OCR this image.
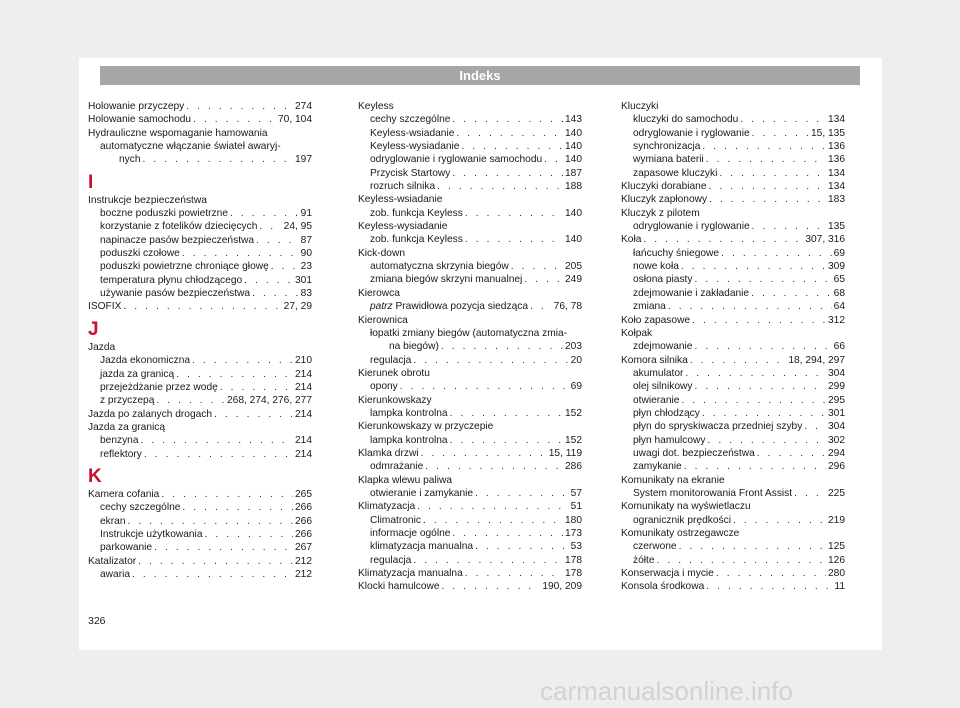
Indeks
Holowanie przyczepy . . .	274
Holowanie samochodu . . .	70, 104
Hydrauliczne wspomaganie hamowania
automatyczne włączanie świateł awaryj-
nych . . .	197
I
Instrukcje bezpieczeństwa
boczne poduszki powietrzne . . .	91
korzystanie z fotelików dziecięcych . . .	24, 95
napinacze pasów bezpieczeństwa . . .	87
poduszki czołowe . . .	90
poduszki powietrzne chroniące głowę . . .	23
temperatura płynu chłodzącego . . .	301
używanie pasów bezpieczeństwa . . .	83
ISOFIX . . .	27, 29
J
Jazda
Jazda ekonomiczna . . .	210
jazda za granicą . . .	214
przejeżdżanie przez wodę . . .	214
z przyczepą . . .	268, 274, 276, 277
Jazda po zalanych drogach . . .	214
Jazda za granicą
benzyna . . .	214
reflektory . . .	214
K
Kamera cofania . . .	265
cechy szczególne . . .	266
ekran . . .	266
Instrukcje użytkowania . . .	266
parkowanie . . .	267
Katalizator . . .	212
awaria . . .	212
Keyless
cechy szczególne . . .	143
Keyless-wsiadanie . . .	140
Keyless-wysiadanie . . .	140
odryglowanie i ryglowanie samochodu . . . 140
Przycisk Startowy . . .	187
rozruch silnika . . .	188
Keyless-wsiadanie
zob. funkcja Keyless . . .	140
Keyless-wysiadanie
zob. funkcja Keyless . . .	140
Kick-down
automatyczna skrzynia biegów . . .	205
zmiana biegów skrzyni manualnej . . .	249
Kierowca
patrz Prawidłowa pozycja siedząca . . .	76, 78
Kierownica
łopatki zmiany biegów (automatyczna zmia-
na biegów) . . .	203
regulacja . . .	20
Kierunek obrotu
opony . . .	69
Kierunkowskazy
lampka kontrolna . . .	152
Kierunkowskazy w przyczepie
lampka kontrolna . . .	152
Klamka drzwi . . .	15, 119
odmrażanie . . .	286
Klapka wlewu paliwa
otwieranie i zamykanie . . .	57
Klimatyzacja . . .	51
Climatronic . . .	180
informacje ogólne . . .	173
klimatyzacja manualna . . .	53
regulacja . . .	178
Klimatyzacja manualna . . .	178
Klocki hamulcowe . . .	190, 209
Kluczyki
kluczyki do samochodu . . .	134
odryglowanie i ryglowanie . . .	15, 135
synchronizacja . . .	136
wymiana baterii . . .	136
zapasowe kluczyki . . .	134
Kluczyki dorabiane . . .	134
Kluczyk zapłonowy . . .	183
Kluczyk z pilotem
odryglowanie i ryglowanie . . .	135
Koła . . .	307, 316
łańcuchy śniegowe . . .	69
nowe koła . . .	309
osłona piasty . . .	65
zdejmowanie i zakładanie . . .	68
zmiana . . .	64
Koło zapasowe . . .	312
Kołpak
zdejmowanie . . .	66
Komora silnika . . .	18, 294, 297
akumulator . . .	304
olej silnikowy . . .	299
otwieranie . . .	295
płyn chłodzący . . .	301
płyn do spryskiwacza przedniej szyby . . .	304
płyn hamulcowy . . .	302
uwagi dot. bezpieczeństwa . . .	294
zamykanie . . .	296
Komunikaty na ekranie
System monitorowania Front Assist . . .	225
Komunikaty na wyświetlaczu
ogranicznik prędkości . . .	219
Komunikaty ostrzegawcze
czerwone . . .	125
żółte . . .	126
Konserwacja i mycie . . .	280
Konsola środkowa . . .	11
326
carmanualsonline.info
